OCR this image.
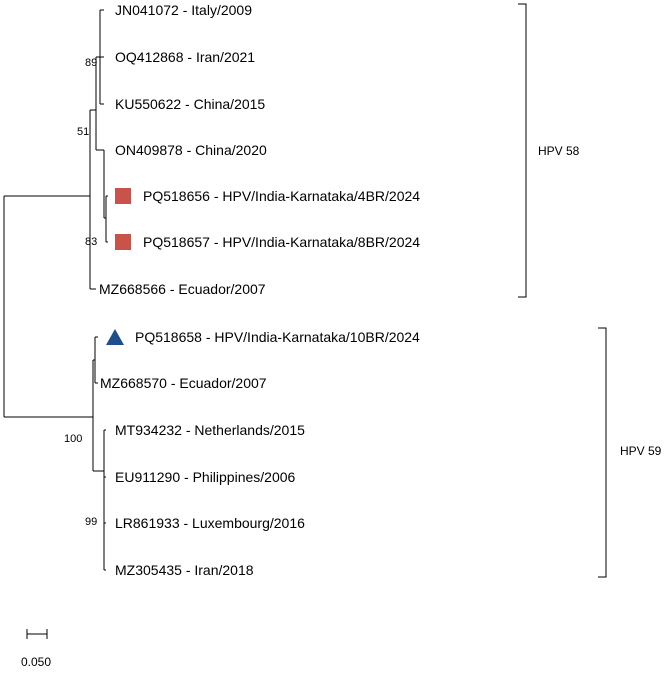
JN041072 - Italy/2009
OQ412868 - Iran/2021
KU550622 - China/2015
ON409878 - China/2020
PQ518656 - HPV/India-Karnataka/4BR/2024
PQ518657 - HPV/India-Karnataka/8BR/2024
MZ668566 - Ecuador/2007
PQ518658 - HPV/India-Karnataka/10BR/2024
MZ668570 - Ecuador/2007
MT934232 - Netherlands/2015
EU911290 - Philippines/2006
LR861933 - Luxembourg/2016
MZ305435 - Iran/2018
89
51
83
100
99
HPV 58
HPV 59
0.050
